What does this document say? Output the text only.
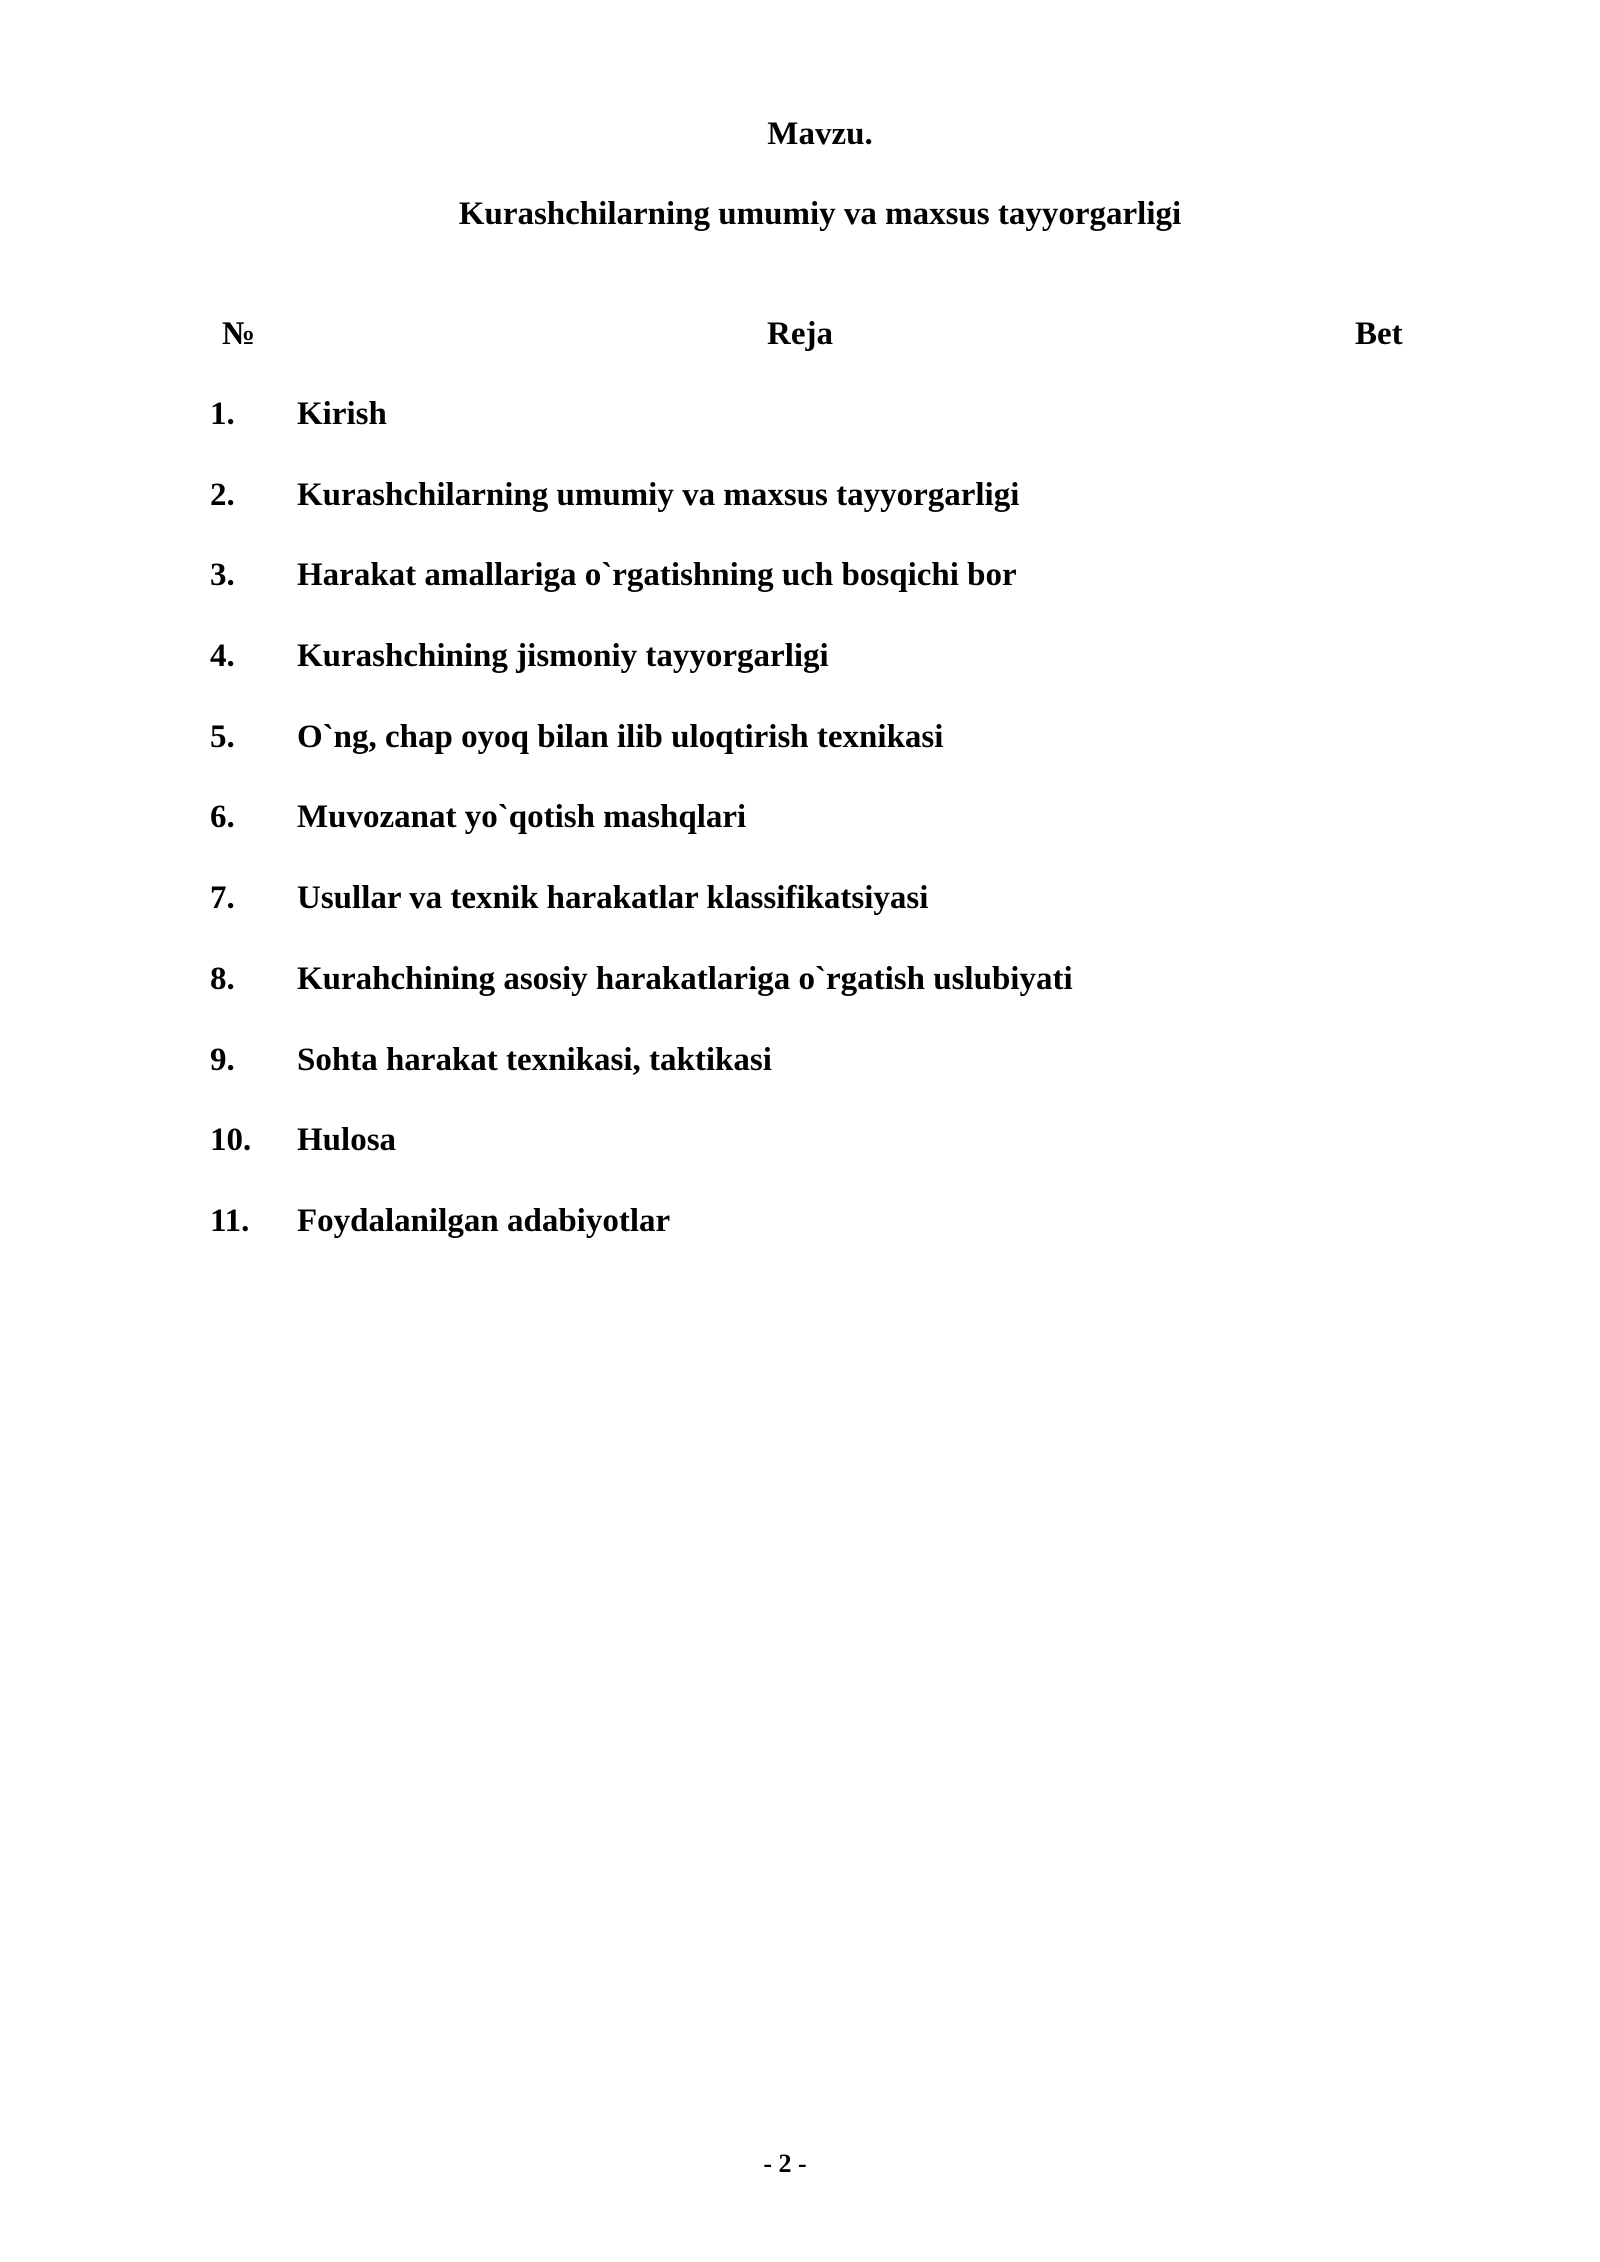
Mavzu.
Kurashchilarning umumiy va maxsus tayyorgarligi
№	Reja	Bet
1. Kirish
2. Kurashchilarning umumiy va maxsus tayyorgarligi
3. Harakat amallariga o`rgatishning uch bosqichi bor
4. Kurashchining jismoniy tayyorgarligi
5. O`ng, chap oyoq bilan ilib uloqtirish texnikasi
6. Muvozanat yo`qotish mashqlari
7. Usullar va texnik harakatlar klassifikatsiyasi
8. Kurahchining asosiy harakatlariga o`rgatish uslubiyati
9. Sohta harakat texnikasi, taktikasi
10. Hulosa
11. Foydalanilgan adabiyotlar
- 2 -
